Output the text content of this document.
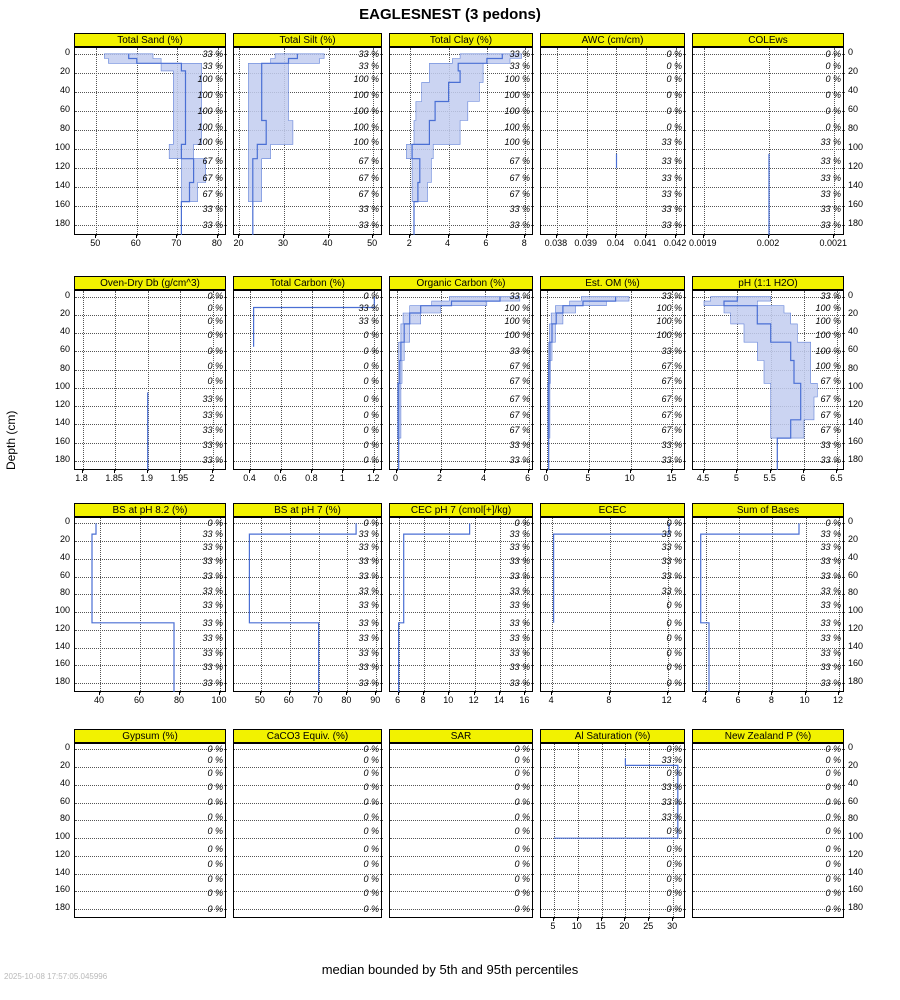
EAGLESNEST (3 pedons)
Depth (cm)
median bounded by 5th and 95th percentiles
2025-10-08 17:57:05.045996
Total Sand (%)
33 %
33 %
100 %
100 %
100 %
100 %
100 %
67 %
67 %
67 %
33 %
33 %
50	60	70	80
0
20
40
60
80
100
120
140
160
180
Total Silt (%)
33 %
33 %
100 %
100 %
100 %
100 %
100 %
67 %
67 %
67 %
33 %
33 %
20	30	40	50
Total Clay (%)
33 %
33 %
100 %
100 %
100 %
100 %
100 %
67 %
67 %
67 %
33 %
33 %
2	4	6	8
AWC (cm/cm)
0 %
0 %
0 %
0 %
0 %
0 %
33 %
33 %
33 %
33 %
33 %
33 %
0.038 0.039	0.04	0.041 0.042
COLEws
0 %
0 %
0 %
0 %
0 %
0 %
33 %
33 %
33 %
33 %
33 %
33 %
0.0019	0.002	0.0021
0
20
40
60
80
100
120
140
160
180
Oven-Dry Db (g/cm^3)
0 %
0 %
0 %
0 %
0 %
0 %
0 %
33 %
33 %
33 %
33 %
33 %
1.8	1.85	1.9	1.95	2
0
20
40
60
80
100
120
140
160
180
Total Carbon (%)
0 %
33 %
33 %
0 %
0 %
0 %
0 %
0 %
0 %
0 %
0 %
0 %
0.4	0.6	0.8	1	1.2
Organic Carbon (%)
33 %
100 %
100 %
100 %
33 %
67 %
67 %
67 %
67 %
67 %
33 %
33 %
0	2	4	6
Est. OM (%)
33 %
100 %
100 %
100 %
33 %
67 %
67 %
67 %
67 %
67 %
33 %
33 %
0	5	10	15
pH (1:1 H2O)
33 %
100 %
100 %
100 %
100 %
100 %
67 %
67 %
67 %
67 %
33 %
33 %
4.5	5	5.5	6	6.5
0
20
40
60
80
100
120
140
160
180
BS at pH 8.2 (%)
0 %
33 %
33 %
33 %
33 %
33 %
33 %
33 %
33 %
33 %
33 %
33 %
40	60	80	100
0
20
40
60
80
100
120
140
160
180
BS at pH 7 (%)
0 %
33 %
33 %
33 %
33 %
33 %
33 %
33 %
33 %
33 %
33 %
33 %
50	60	70	80	90
CEC pH 7 (cmol[+]/kg)
0 %
33 %
33 %
33 %
33 %
33 %
33 %
33 %
33 %
33 %
33 %
33 %
6	8	10	12	14	16
ECEC
0 %
33 %
33 %
33 %
33 %
33 %
0 %
0 %
0 %
0 %
0 %
0 %
4	8	12
Sum of Bases
0 %
33 %
33 %
33 %
33 %
33 %
33 %
33 %
33 %
33 %
33 %
33 %
4	6	8	10	12
0
20
40
60
80
100
120
140
160
180
Gypsum (%)
0 %
0 %
0 %
0 %
0 %
0 %
0 %
0 %
0 %
0 %
0 %
0 %
0
20
40
60
80
100
120
140
160
180
CaCO3 Equiv. (%)
0 %
0 %
0 %
0 %
0 %
0 %
0 %
0 %
0 %
0 %
0 %
0 %
SAR
0 %
0 %
0 %
0 %
0 %
0 %
0 %
0 %
0 %
0 %
0 %
0 %
Al Saturation (%)
0 %
33 %
0 %
33 %
33 %
33 %
0 %
0 %
0 %
0 %
0 %
0 %
5	10	15	20	25	30
New Zealand P (%)
0 %
0 %
0 %
0 %
0 %
0 %
0 %
0 %
0 %
0 %
0 %
0 %
0
20
40
60
80
100
120
140
160
180
